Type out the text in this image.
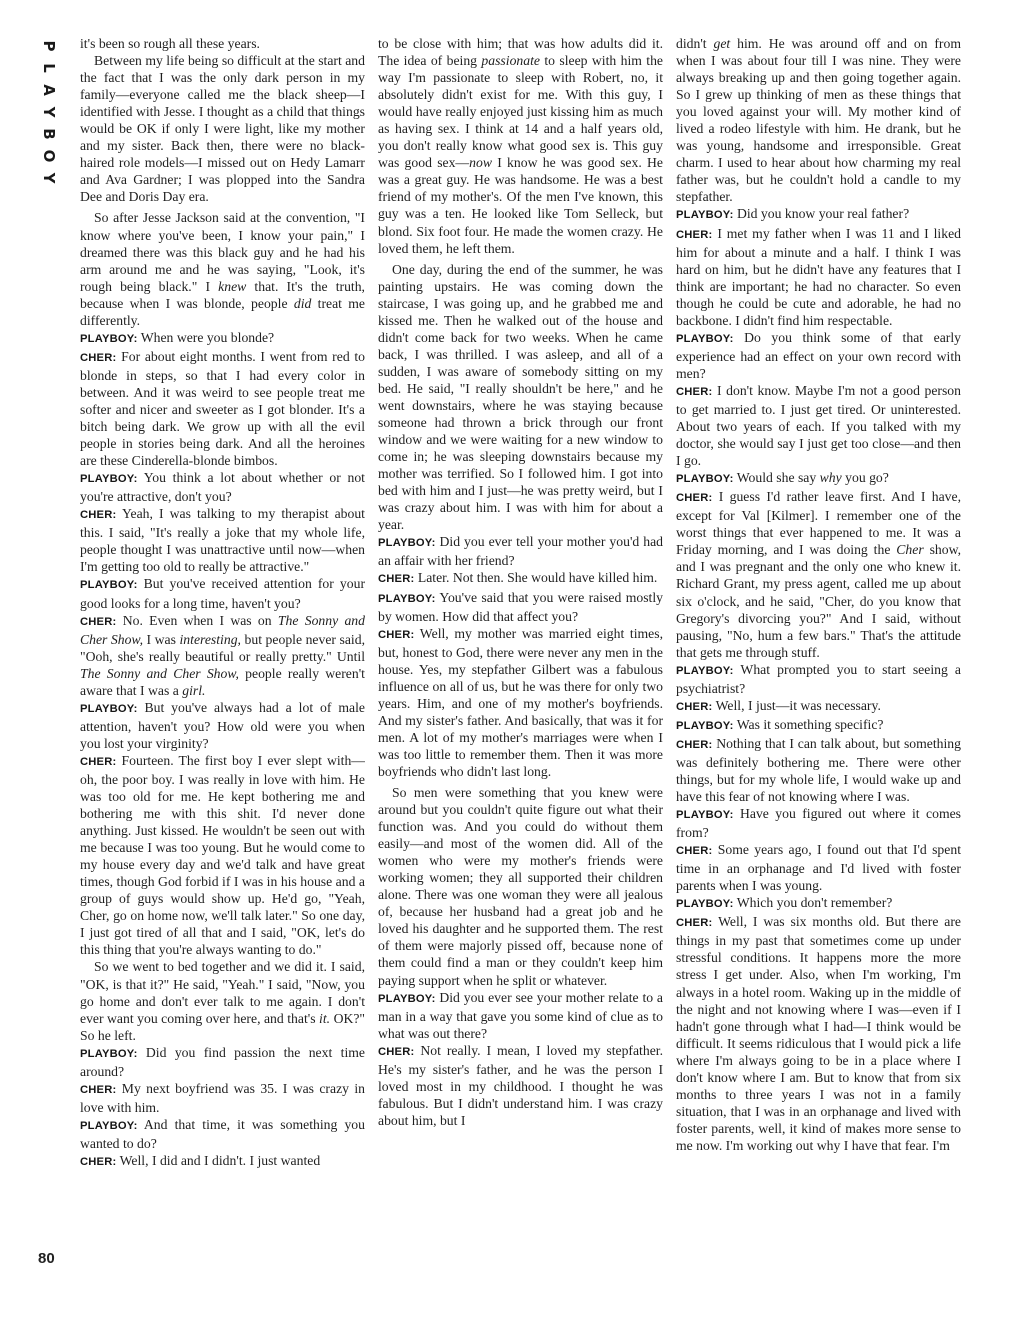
P
L
A
Y
B
O
Y

it's been so rough all these years.

Between my life being so difficult at the start and the fact that I was the only dark person in my family—everyone called me the black sheep—I identified with Jesse. I thought as a child that things would be OK if only I were light, like my mother and my sister. Back then, there were no black-haired role models—I missed out on Hedy Lamarr and Ava Gardner; I was plopped into the Sandra Dee and Doris Day era.

So after Jesse Jackson said at the convention, "I know where you've been, I know your pain," I dreamed there was this black guy and he had his arm around me and he was saying, "Look, it's rough being black." I knew that. It's the truth, because when I was blonde, people did treat me differently.

PLAYBOY: When were you blonde?

CHER: For about eight months. I went from red to blonde in steps, so that I had every color in between. And it was weird to see people treat me softer and nicer and sweeter as I got blonder. It's a bitch being dark. We grow up with all the evil people in stories being dark. And all the heroines are these Cinderella-blonde bimbos.

PLAYBOY: You think a lot about whether or not you're attractive, don't you?

CHER: Yeah, I was talking to my therapist about this. I said, "It's really a joke that my whole life, people thought I was unattractive until now—when I'm getting too old to really be attractive."

PLAYBOY: But you've received attention for your good looks for a long time, haven't you?

CHER: No. Even when I was on The Sonny and Cher Show, I was interesting, but people never said, "Ooh, she's really beautiful or really pretty." Until The Sonny and Cher Show, people really weren't aware that I was a girl.

PLAYBOY: But you've always had a lot of male attention, haven't you? How old were you when you lost your virginity?

CHER: Fourteen. The first boy I ever slept with—oh, the poor boy. I was really in love with him. He was too old for me. He kept bothering me and bothering me with this shit. I'd never done anything. Just kissed. He wouldn't be seen out with me because I was too young. But he would come to my house every day and we'd talk and have great times, though God forbid if I was in his house and a group of guys would show up. He'd go, "Yeah, Cher, go on home now, we'll talk later." So one day, I just got tired of all that and I said, "OK, let's do this thing that you're always wanting to do."

So we went to bed together and we did it. I said, "OK, is that it?" He said, "Yeah." I said, "Now, you go home and don't ever talk to me again. I don't ever want you coming over here, and that's it. OK?" So he left.

PLAYBOY: Did you find passion the next time around?

CHER: My next boyfriend was 35. I was crazy in love with him.

PLAYBOY: And that time, it was something you wanted to do?

CHER: Well, I did and I didn't. I just wanted

to be close with him; that was how adults did it. The idea of being passionate to sleep with him the way I'm passionate to sleep with Robert, no, it absolutely didn't exist for me. With this guy, I would have really enjoyed just kissing him as much as having sex. I think at 14 and a half years old, you don't really know what good sex is. This guy was good sex—now I know he was good sex. He was a great guy. He was handsome. He was a best friend of my mother's. Of the men I've known, this guy was a ten. He looked like Tom Selleck, but blond. Six foot four. He made the women crazy. He loved them, he left them.

One day, during the end of the summer, he was painting upstairs. He was coming down the staircase, I was going up, and he grabbed me and kissed me. Then he walked out of the house and didn't come back for two weeks. When he came back, I was thrilled. I was asleep, and all of a sudden, I was aware of somebody sitting on my bed. He said, "I really shouldn't be here," and he went downstairs, where he was staying because someone had thrown a brick through our front window and we were waiting for a new window to come in; he was sleeping downstairs because my mother was terrified. So I followed him. I got into bed with him and I just—he was pretty weird, but I was crazy about him. I was with him for about a year.

PLAYBOY: Did you ever tell your mother you'd had an affair with her friend?

CHER: Later. Not then. She would have killed him.

PLAYBOY: You've said that you were raised mostly by women. How did that affect you?

CHER: Well, my mother was married eight times, but, honest to God, there were never any men in the house. Yes, my stepfather Gilbert was a fabulous influence on all of us, but he was there for only two years. Him, and one of my mother's boyfriends. And my sister's father. And basically, that was it for men. A lot of my mother's marriages were when I was too little to remember them. Then it was more boyfriends who didn't last long.

So men were something that you knew were around but you couldn't quite figure out what their function was. And you could do without them easily—and most of the women did. All of the women who were my mother's friends were working women; they all supported their children alone. There was one woman they were all jealous of, because her husband had a great job and he loved his daughter and he supported them. The rest of them were majorly pissed off, because none of them could find a man or they couldn't keep him paying support when he split or whatever.

PLAYBOY: Did you ever see your mother relate to a man in a way that gave you some kind of clue as to what was out there?

CHER: Not really. I mean, I loved my stepfather. He's my sister's father, and he was the person I loved most in my childhood. I thought he was fabulous. But I didn't understand him. I was crazy about him, but I

didn't get him. He was around off and on from when I was about four till I was nine. They were always breaking up and then going together again. So I grew up thinking of men as these things that you loved against your will. My mother kind of lived a rodeo lifestyle with him. He drank, but he was young, handsome and irresponsible. Great charm. I used to hear about how charming my real father was, but he couldn't hold a candle to my stepfather.

PLAYBOY: Did you know your real father?

CHER: I met my father when I was 11 and I liked him for about a minute and a half. I think I was hard on him, but he didn't have any features that I think are important; he had no character. So even though he could be cute and adorable, he had no backbone. I didn't find him respectable.

PLAYBOY: Do you think some of that early experience had an effect on your own record with men?

CHER: I don't know. Maybe I'm not a good person to get married to. I just get tired. Or uninterested. About two years of each. If you talked with my doctor, she would say I just get too close—and then I go.

PLAYBOY: Would she say why you go?

CHER: I guess I'd rather leave first. And I have, except for Val [Kilmer]. I remember one of the worst things that ever happened to me. It was a Friday morning, and I was doing the Cher show, and I was pregnant and the only one who knew it. Richard Grant, my press agent, called me up about six o'clock, and he said, "Cher, do you know that Gregory's divorcing you?" And I said, without pausing, "No, hum a few bars." That's the attitude that gets me through stuff.

PLAYBOY: What prompted you to start seeing a psychiatrist?

CHER: Well, I just—it was necessary.

PLAYBOY: Was it something specific?

CHER: Nothing that I can talk about, but something was definitely bothering me. There were other things, but for my whole life, I would wake up and have this fear of not knowing where I was.

PLAYBOY: Have you figured out where it comes from?

CHER: Some years ago, I found out that I'd spent time in an orphanage and I'd lived with foster parents when I was young.

PLAYBOY: Which you don't remember?

CHER: Well, I was six months old. But there are things in my past that sometimes come up under stressful conditions. It happens more the more stress I get under. Also, when I'm working, I'm always in a hotel room. Waking up in the middle of the night and not knowing where I was—even if I hadn't gone through what I had—I think would be difficult. It seems ridiculous that I would pick a life where I'm always going to be in a place where I don't know where I am. But to know that from six months to three years I was not in a family situation, that I was in an orphanage and lived with foster parents, well, it kind of makes more sense to me now. I'm working out why I have that fear. I'm

80
